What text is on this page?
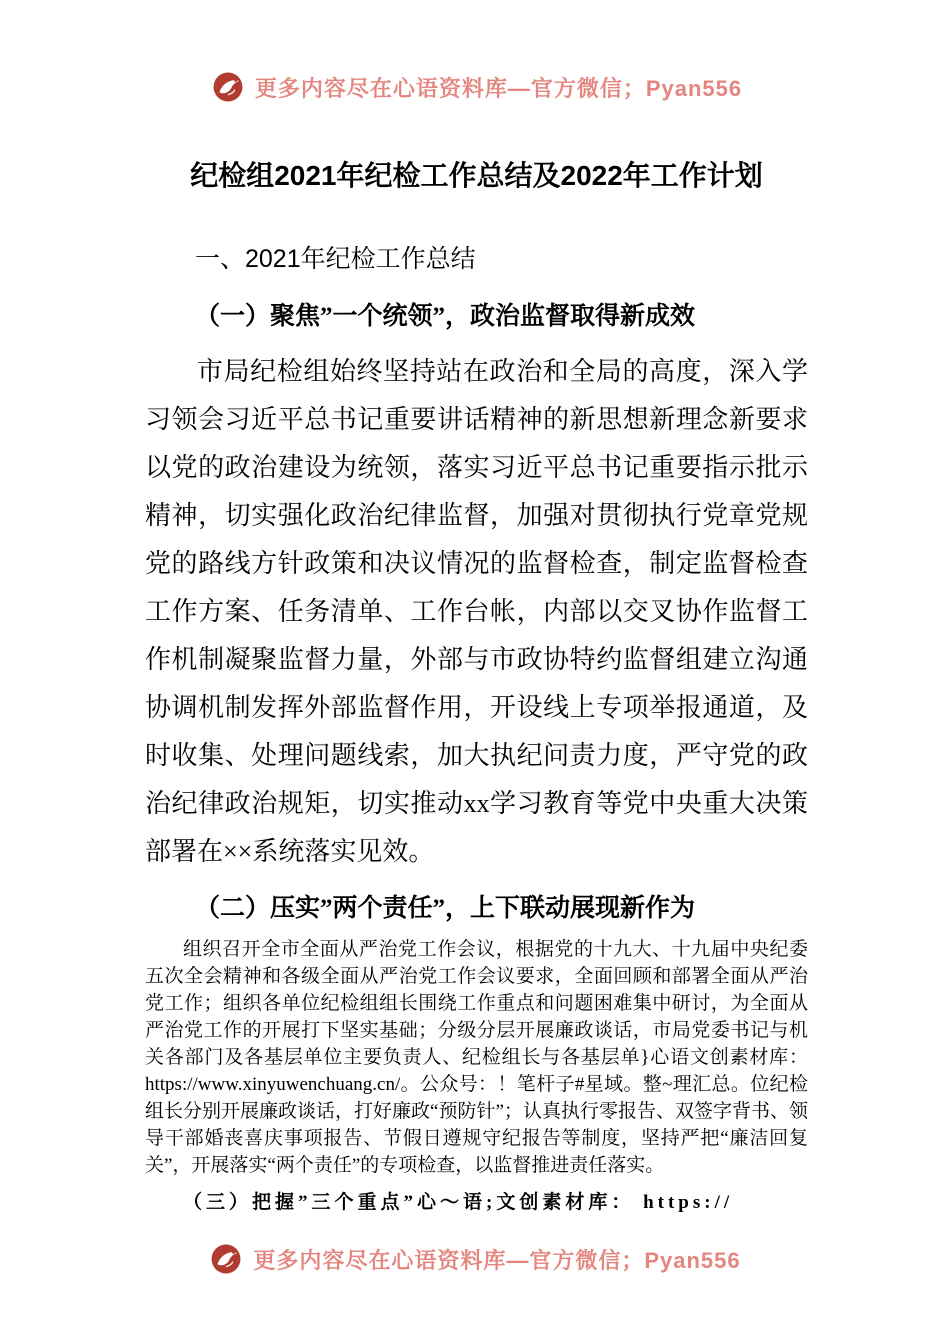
更多内容尽在心语资料库—官方微信；Pyan556
纪检组2021年纪检工作总结及2022年工作计划
一、2021年纪检工作总结
（一）聚焦”一个统领”，政治监督取得新成效

市局纪检组始终坚持站在政治和全局的高度，深入学习领会习近平总书记重要讲话精神的新思想新理念新要求以党的政治建设为统领，落实习近平总书记重要指示批示精神，切实强化政治纪律监督，加强对贯彻执行党章党规党的路线方针政策和决议情况的监督检查，制定监督检查工作方案、任务清单、工作台帐，内部以交叉协作监督工作机制凝聚监督力量，外部与市政协特约监督组建立沟通协调机制发挥外部监督作用，开设线上专项举报通道，及时收集、处理问题线索，加大执纪问责力度，严守党的政治纪律政治规矩，切实推动xx学习教育等党中央重大决策部署在××系统落实见效。

（二）压实”两个责任”，上下联动展现新作为

组织召开全市全面从严治党工作会议，根据党的十九大、十九届中央纪委五次全会精神和各级全面从严治党工作会议要求，全面回顾和部署全面从严治党工作；组织各单位纪检组组长围绕工作重点和问题困难集中研讨，为全面从严治党工作的开展打下坚实基础；分级分层开展廉政谈话，市局党委书记与机关各部门及各基层单位主要负责人、纪检组长与各基层单}心语文创素材库：https://www.xinyuwenchuang.cn/。公众号：！笔杆子#星域。整~理汇总。位纪检组长分别开展廉政谈话，打好廉政“预防针”；认真执行零报告、双签字背书、领导干部婚丧喜庆事项报告、节假日遵规守纪报告等制度，坚持严把“廉洁回复关”，开展落实“两个责任”的专项检查，以监督推进责任落实。

（三）把握”三个重点”心～语;文创素材库： https://

更多内容尽在心语资料库—官方微信；Pyan556
